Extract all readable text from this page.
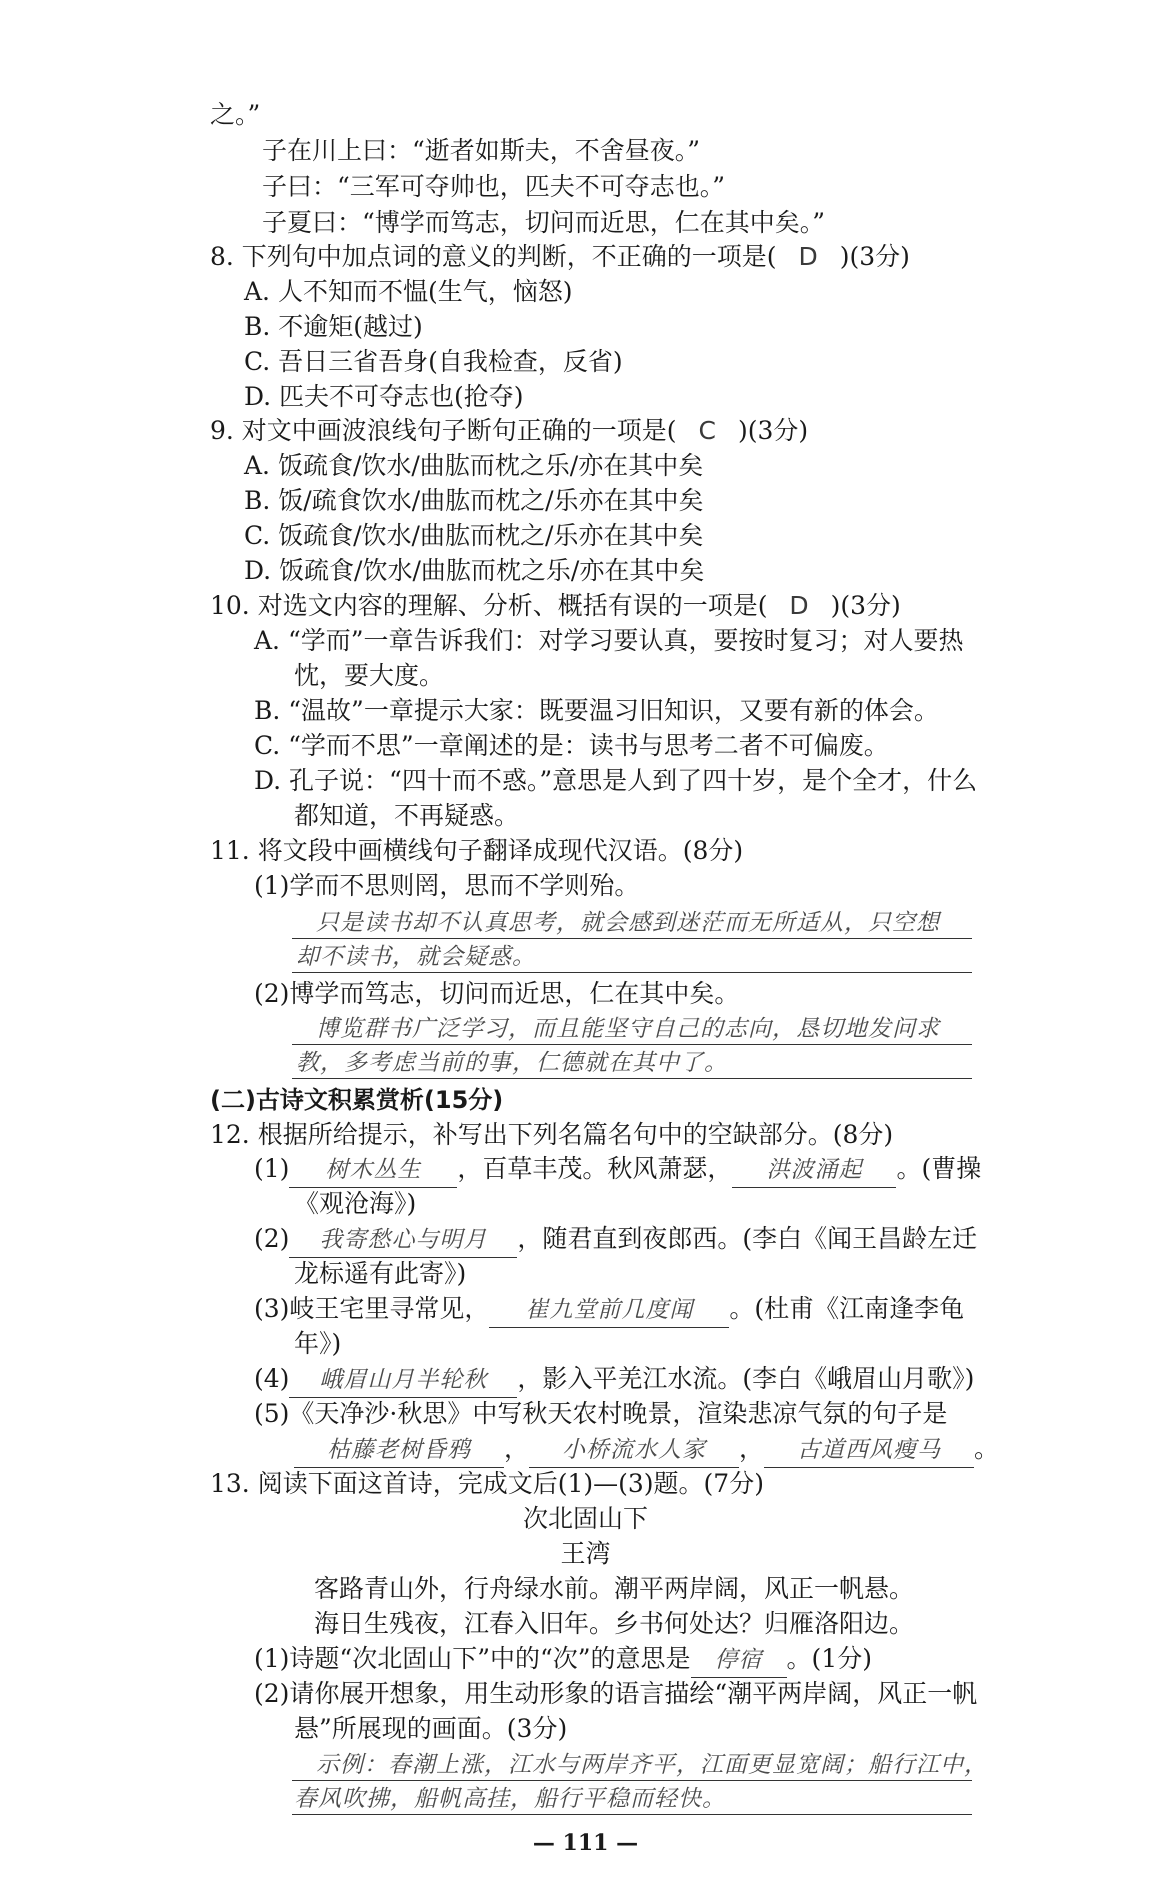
之。”
子在川上曰：“逝者如斯夫，不舍昼夜。”
子曰：“三军可夺帅也，匹夫不可夺志也。”
子夏曰：“博学而笃志，切问而近思，仁在其中矣。”
8. 下列句中加点词的意义的判断，不正确的一项是( D )(3分)
A. 人不知而不愠(生气，恼怒)
B. 不逾矩(越过)
C. 吾日三省吾身(自我检查，反省)
D. 匹夫不可夺志也(抢夺)
9. 对文中画波浪线句子断句正确的一项是( C )(3分)
A. 饭疏食/饮水/曲肱而枕之乐/亦在其中矣
B. 饭/疏食饮水/曲肱而枕之/乐亦在其中矣
C. 饭疏食/饮水/曲肱而枕之/乐亦在其中矣
D. 饭疏食/饮水/曲肱而枕之乐/亦在其中矣
10. 对选文内容的理解、分析、概括有误的一项是( D )(3分)
A. “学而”一章告诉我们：对学习要认真，要按时复习；对人要热
忱，要大度。
B. “温故”一章提示大家：既要温习旧知识，又要有新的体会。
C. “学而不思”一章阐述的是：读书与思考二者不可偏废。
D. 孔子说：“四十而不惑。”意思是人到了四十岁，是个全才，什么
都知道，不再疑惑。
11. 将文段中画横线句子翻译成现代汉语。(8分)
(1)学而不思则罔，思而不学则殆。
只是读书却不认真思考，就会感到迷茫而无所适从，只空想
却不读书，就会疑惑。
(2)博学而笃志，切问而近思，仁在其中矣。
博览群书广泛学习，而且能坚守自己的志向，恳切地发问求
教，多考虑当前的事，仁德就在其中了。
(二)古诗文积累赏析(15分)
12. 根据所给提示，补写出下列名篇名句中的空缺部分。(8分)
(1) 树木丛生 ，百草丰茂。秋风萧瑟， 洪波涌起 。(曹操
《观沧海》)
(2) 我寄愁心与明月 ，随君直到夜郎西。(李白《闻王昌龄左迁
龙标遥有此寄》)
(3)岐王宅里寻常见， 崔九堂前几度闻 。(杜甫《江南逢李龟
年》)
(4) 峨眉山月半轮秋 ，影入平羌江水流。(李白《峨眉山月歌》)
(5)《天净沙·秋思》中写秋天农村晚景，渲染悲凉气氛的句子是
枯藤老树昏鸦 ， 小桥流水人家 ， 古道西风瘦马 。
13. 阅读下面这首诗，完成文后(1)—(3)题。(7分)
次北固山下
王湾
客路青山外，行舟绿水前。潮平两岸阔，风正一帆悬。
海日生残夜，江春入旧年。乡书何处达？归雁洛阳边。
(1)诗题“次北固山下”中的“次”的意思是 停宿 。(1分)
(2)请你展开想象，用生动形象的语言描绘“潮平两岸阔，风正一帆
悬”所展现的画面。(3分)
示例：春潮上涨，江水与两岸齐平，江面更显宽阔；船行江中，
春风吹拂，船帆高挂，船行平稳而轻快。
— 111 —
